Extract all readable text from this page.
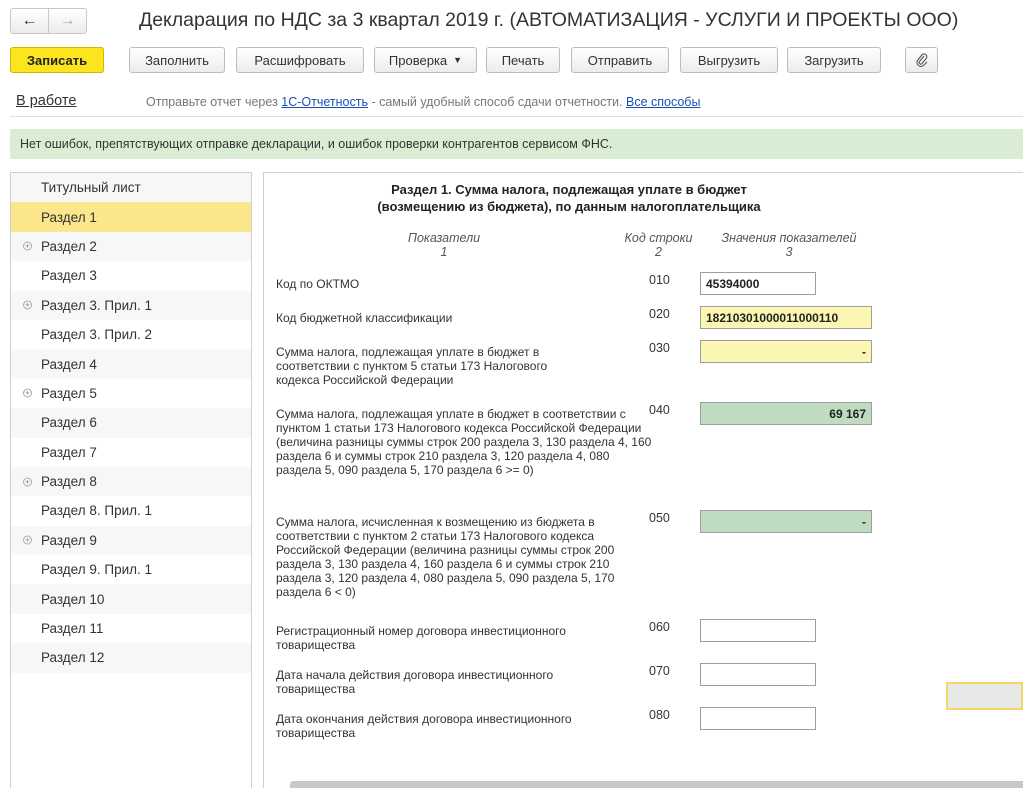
←	→	Декларация по НДС за 3 квартал 2019 г. (АВТОМАТИЗАЦИЯ - УСЛУГИ И ПРОЕКТЫ ООО)
Записать	Заполнить	Расшифровать	Проверка ▼	Печать	Отправить	Выгрузить	Загрузить
В работе	Отправьте отчет через 1С-Отчетность - самый удобный способ сдачи отчетности. Все способы
Нет ошибок, препятствующих отправке декларации, и ошибок проверки контрагентов сервисом ФНС.
Титульный лист
Раздел 1
+ Раздел 2
Раздел 3
+ Раздел 3. Прил. 1
Раздел 3. Прил. 2
Раздел 4
+ Раздел 5
Раздел 6
Раздел 7
+ Раздел 8
Раздел 8. Прил. 1
+ Раздел 9
Раздел 9. Прил. 1
Раздел 10
Раздел 11
Раздел 12
Раздел 1. Сумма налога, подлежащая уплате в бюджет
(возмещению из бюджета), по данным налогоплательщика
Показатели
1
Код строки
2
Значения показателей
3
Код по ОКТМО	010	45394000
Код бюджетной классификации	020	18210301000011000110
Сумма налога, подлежащая уплате в бюджет в соответствии с пунктом 5 статьи 173 Налогового кодекса Российской Федерации
030	-
Сумма налога, подлежащая уплате в бюджет в соответствии с пунктом 1 статьи 173 Налогового кодекса Российской Федерации (величина разницы суммы строк 200 раздела 3, 130 раздела 4, 160 раздела 6 и суммы строк 210 раздела 3, 120 раздела 4, 080 раздела 5, 090 раздела 5, 170 раздела 6 >= 0)
040	69 167
Сумма налога, исчисленная к возмещению из бюджета в соответствии с пунктом 2 статьи 173 Налогового кодекса Российской Федерации (величина разницы суммы строк 200 раздела 3, 130 раздела 4, 160 раздела 6 и суммы строк 210 раздела 3, 120 раздела 4, 080 раздела 5, 090 раздела 5, 170 раздела 6 < 0)
050	-
Регистрационный номер договора инвестиционного товарищества
060
Дата начала действия договора инвестиционного товарищества
070
Дата окончания действия договора инвестиционного товарищества
080
